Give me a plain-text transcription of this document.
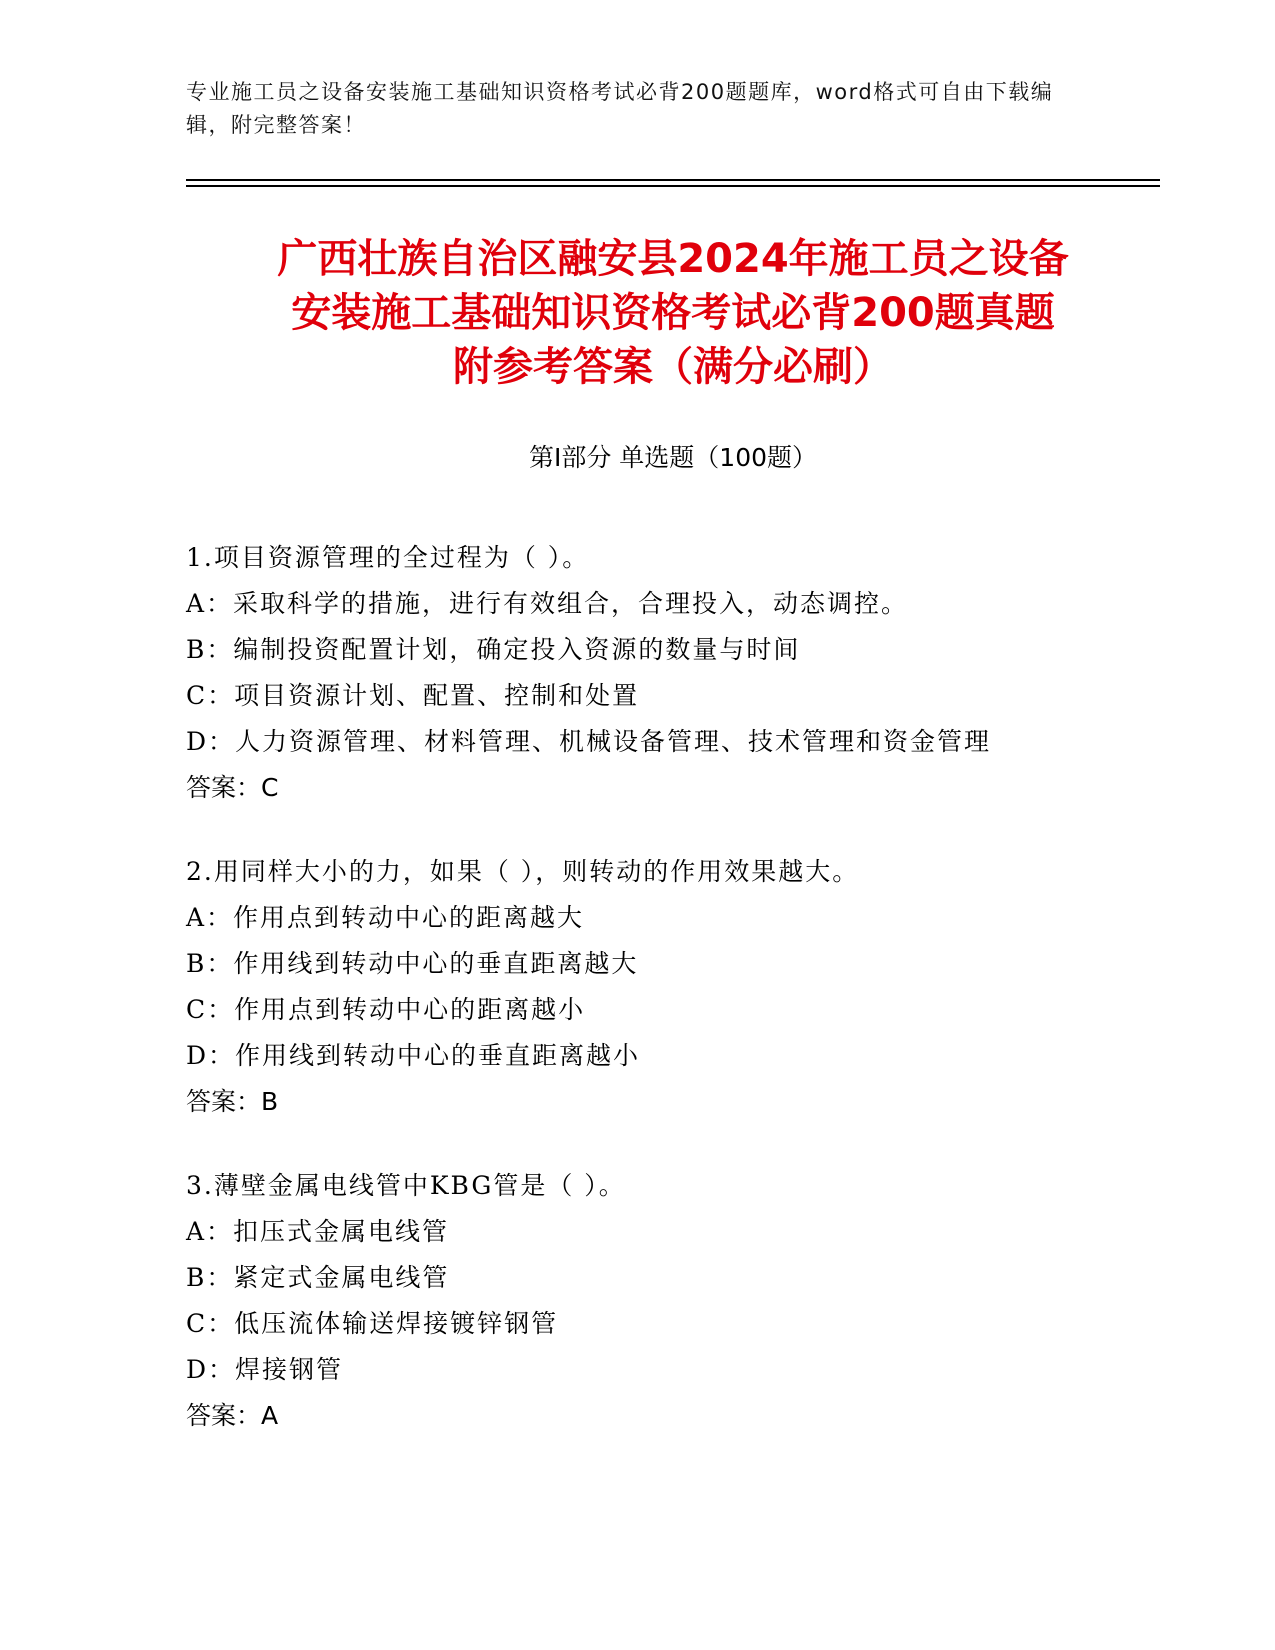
专业施工员之设备安装施工基础知识资格考试必背200题题库，word格式可自由下载编辑，附完整答案！
广西壮族自治区融安县2024年施工员之设备
安装施工基础知识资格考试必背200题真题
附参考答案（满分必刷）
第Ⅰ部分 单选题（100题）
1.项目资源管理的全过程为（ ）。
A：采取科学的措施，进行有效组合，合理投入，动态调控。
B：编制投资配置计划，确定投入资源的数量与时间
C：项目资源计划、配置、控制和处置
D：人力资源管理、材料管理、机械设备管理、技术管理和资金管理
答案：C
2.用同样大小的力，如果（ ），则转动的作用效果越大。
A：作用点到转动中心的距离越大
B：作用线到转动中心的垂直距离越大
C：作用点到转动中心的距离越小
D：作用线到转动中心的垂直距离越小
答案：B
3.薄壁金属电线管中KBG管是（ ）。
A：扣压式金属电线管
B：紧定式金属电线管
C：低压流体输送焊接镀锌钢管
D：焊接钢管
答案：A
